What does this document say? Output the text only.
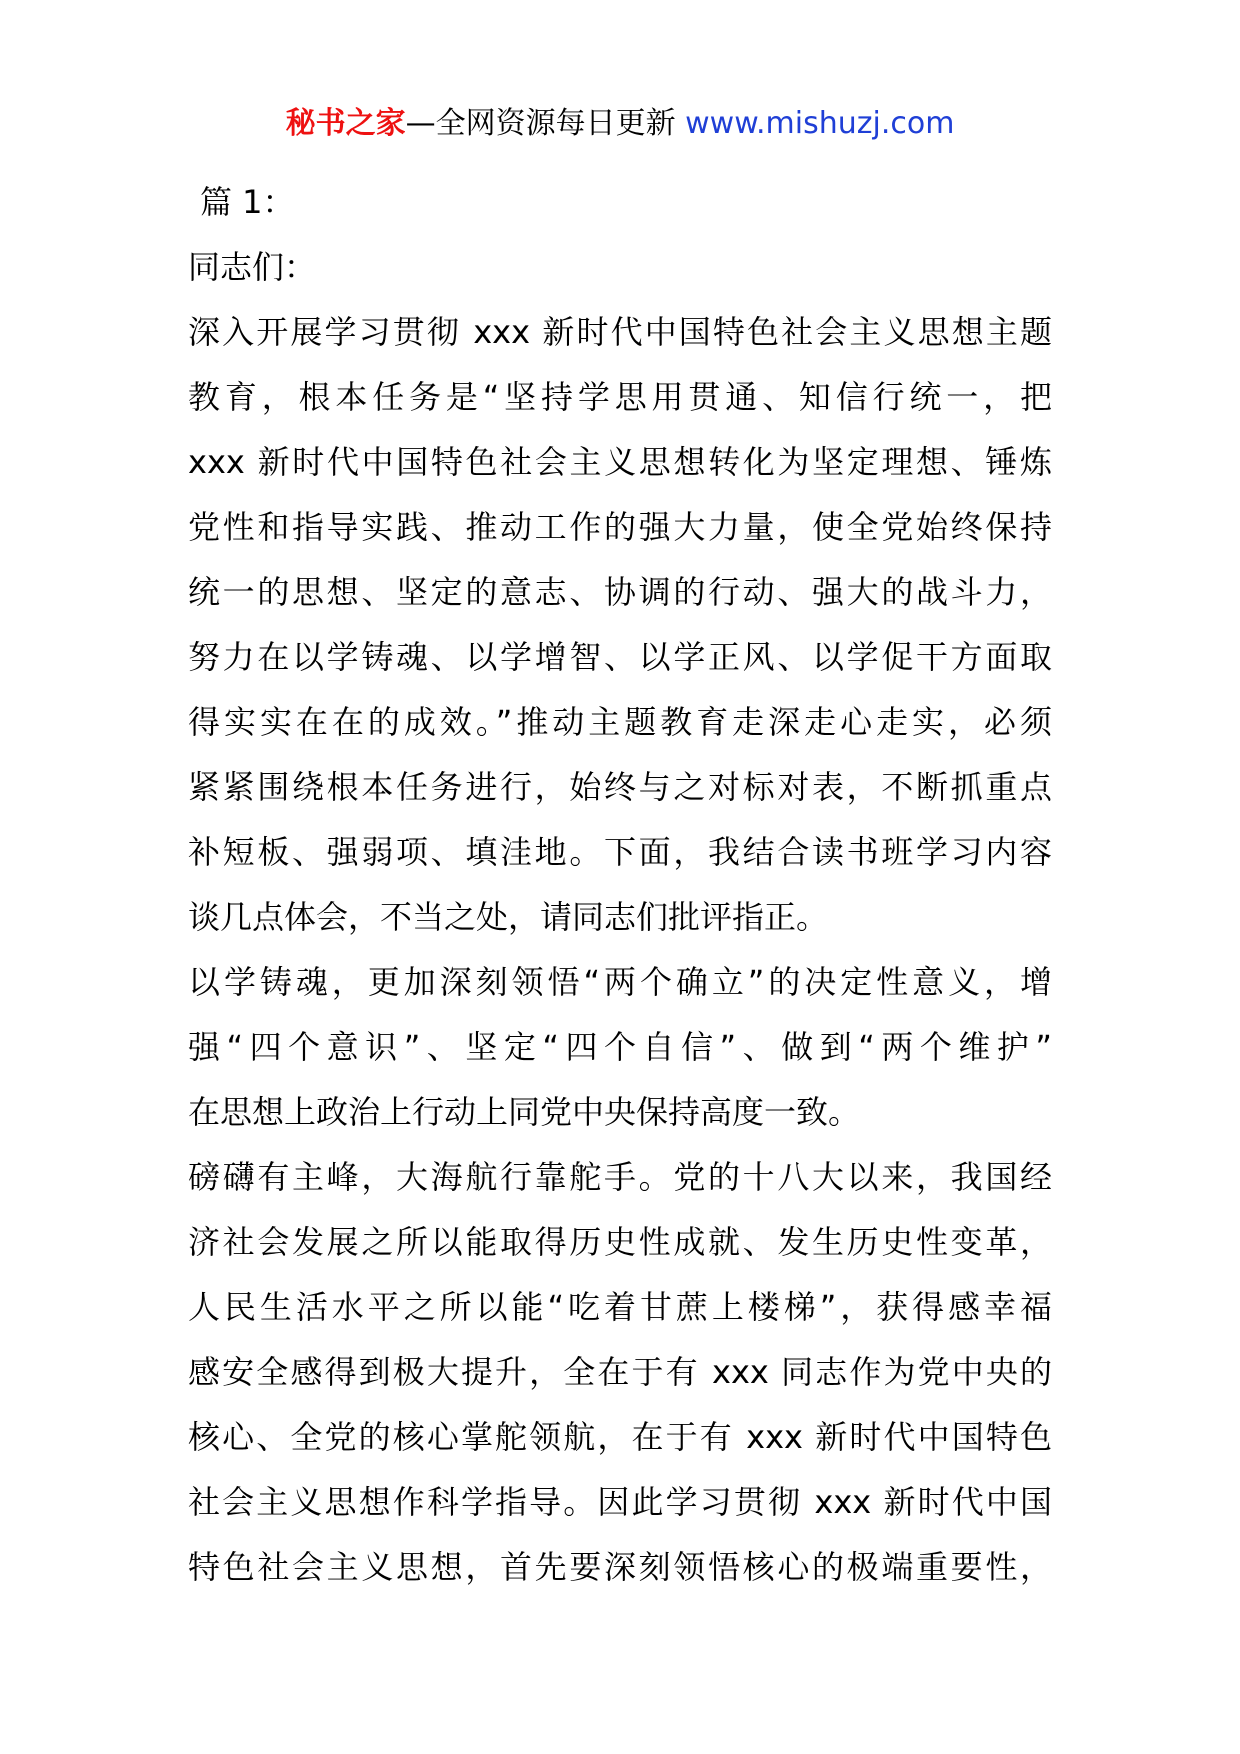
秘书之家—全网资源每日更新 www.mishuzj.com
篇 1：
同志们：
深入开展学习贯彻 xxx 新时代中国特色社会主义思想主题
教育，根本任务是“坚持学思用贯通、知信行统一，把
xxx 新时代中国特色社会主义思想转化为坚定理想、锤炼
党性和指导实践、推动工作的强大力量，使全党始终保持
统一的思想、坚定的意志、协调的行动、强大的战斗力，
努力在以学铸魂、以学增智、以学正风、以学促干方面取
得实实在在的成效。”推动主题教育走深走心走实，必须
紧紧围绕根本任务进行，始终与之对标对表，不断抓重点
补短板、强弱项、填洼地。下面，我结合读书班学习内容
谈几点体会，不当之处，请同志们批评指正。
以学铸魂，更加深刻领悟“两个确立”的决定性意义，增
强“四个意识”、坚定“四个自信”、做到“两个维护”
在思想上政治上行动上同党中央保持高度一致。
磅礴有主峰，大海航行靠舵手。党的十八大以来，我国经
济社会发展之所以能取得历史性成就、发生历史性变革，
人民生活水平之所以能“吃着甘蔗上楼梯”，获得感幸福
感安全感得到极大提升，全在于有 xxx 同志作为党中央的
核心、全党的核心掌舵领航，在于有 xxx 新时代中国特色
社会主义思想作科学指导。因此学习贯彻 xxx 新时代中国
特色社会主义思想，首先要深刻领悟核心的极端重要性，
